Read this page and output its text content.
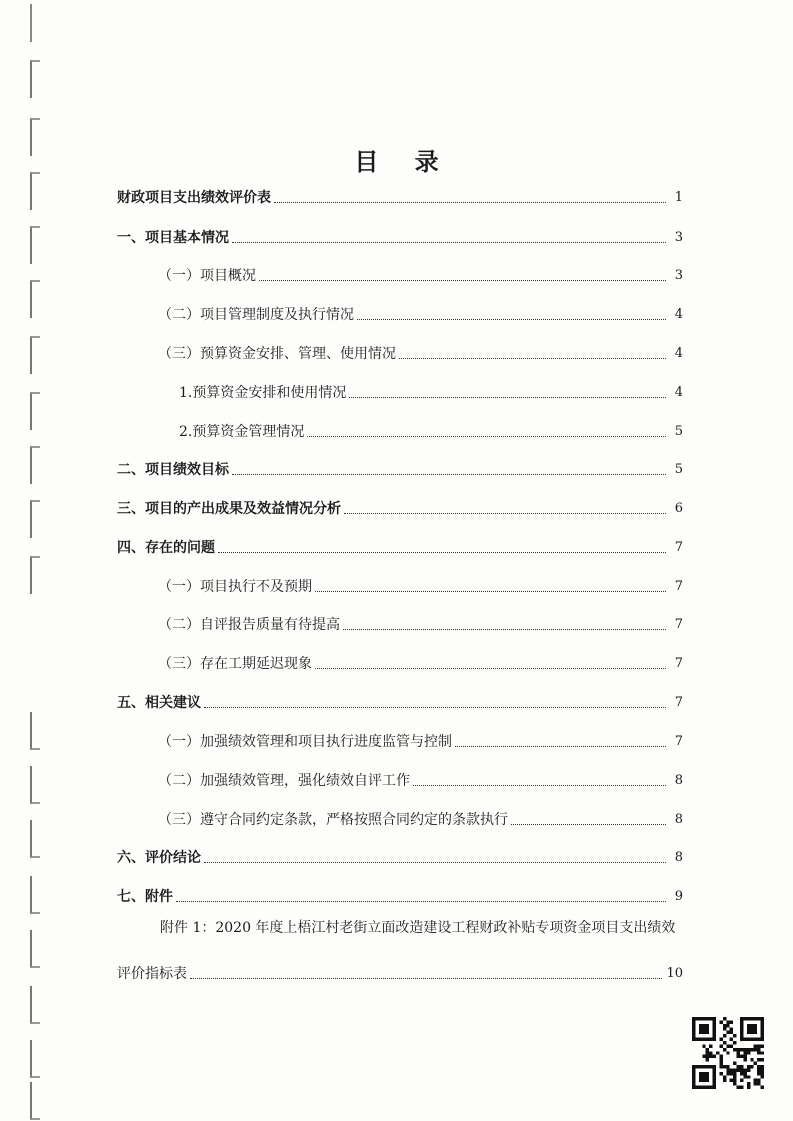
目 录
财政项目支出绩效评价表	1
一、项目基本情况	3
（一）项目概况	3
（二）项目管理制度及执行情况	4
（三）预算资金安排、管理、使用情况	4
1.预算资金安排和使用情况	4
2.预算资金管理情况	5
二、项目绩效目标	5
三、项目的产出成果及效益情况分析	6
四、存在的问题	7
（一）项目执行不及预期	7
（二）自评报告质量有待提高	7
（三）存在工期延迟现象	7
五、相关建议	7
（一）加强绩效管理和项目执行进度监管与控制	7
（二）加强绩效管理，强化绩效自评工作	8
（三）遵守合同约定条款，严格按照合同约定的条款执行	8
六、评价结论	8
七、附件	9
附件 1：2020 年度上梧江村老街立面改造建设工程财政补贴专项资金项目支出绩效
评价指标表	10
